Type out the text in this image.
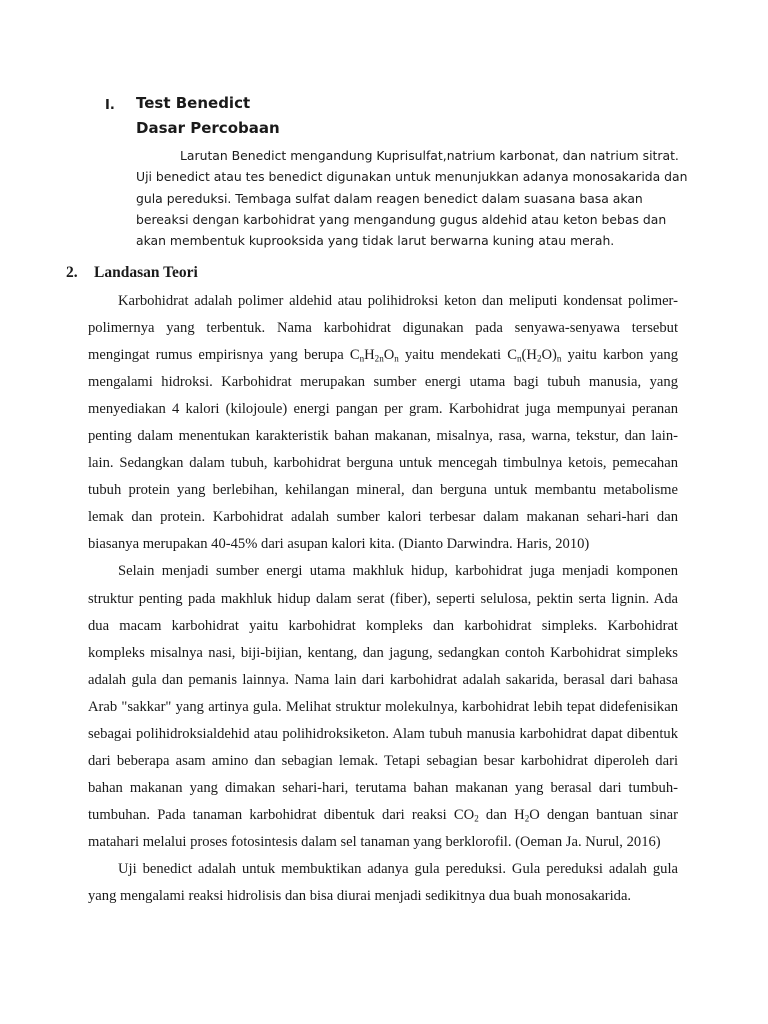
I. Test Benedict
Dasar Percobaan
Larutan Benedict mengandung Kuprisulfat,natrium karbonat, dan natrium sitrat.
Uji benedict atau tes benedict digunakan untuk menunjukkan adanya monosakarida dan
gula pereduksi. Tembaga sulfat dalam reagen benedict dalam suasana basa akan
bereaksi dengan karbohidrat yang mengandung gugus aldehid atau keton bebas dan
akan membentuk kuprooksida yang tidak larut berwarna kuning atau merah.
2. Landasan Teori

Karbohidrat adalah polimer aldehid atau polihidroksi keton dan meliputi kondensat polimer-polimernya yang terbentuk. Nama karbohidrat digunakan pada senyawa-senyawa tersebut mengingat rumus empirisnya yang berupa $C_nH_{2n}O_n$ yaitu mendekati $C_n(H_2O)_n$ yaitu karbon yang mengalami hidroksi. Karbohidrat merupakan sumber energi utama bagi tubuh manusia, yang menyediakan 4 kalori (kilojoule) energi pangan per gram. Karbohidrat juga mempunyai peranan penting dalam menentukan karakteristik bahan makanan, misalnya, rasa, warna, tekstur, dan lain-lain. Sedangkan dalam tubuh, karbohidrat berguna untuk mencegah timbulnya ketois, pemecahan tubuh protein yang berlebihan, kehilangan mineral, dan berguna untuk membantu metabolisme lemak dan protein. Karbohidrat adalah sumber kalori terbesar dalam makanan sehari-hari dan biasanya merupakan 40-45% dari asupan kalori kita. (Dianto Darwindra. Haris, 2010)

Selain menjadi sumber energi utama makhluk hidup, karbohidrat juga menjadi komponen struktur penting pada makhluk hidup dalam serat (fiber), seperti selulosa, pektin serta lignin. Ada dua macam karbohidrat yaitu karbohidrat kompleks dan karbohidrat simpleks. Karbohidrat kompleks misalnya nasi, biji-bijian, kentang, dan jagung, sedangkan contoh Karbohidrat simpleks adalah gula dan pemanis lainnya. Nama lain dari karbohidrat adalah sakarida, berasal dari bahasa Arab "sakkar" yang artinya gula. Melihat struktur molekulnya, karbohidrat lebih tepat didefenisikan sebagai polihidroksialdehid atau polihidroksiketon. Alam tubuh manusia karbohidrat dapat dibentuk dari beberapa asam amino dan sebagian lemak. Tetapi sebagian besar karbohidrat diperoleh dari bahan makanan yang dimakan sehari-hari, terutama bahan makanan yang berasal dari tumbuh-tumbuhan. Pada tanaman karbohidrat dibentuk dari reaksi $CO_2$ dan $H_2O$ dengan bantuan sinar matahari melalui proses fotosintesis dalam sel tanaman yang berklorofil. (Oeman Ja. Nurul, 2016)

Uji benedict adalah untuk membuktikan adanya gula pereduksi. Gula pereduksi adalah gula yang mengalami reaksi hidrolisis dan bisa diurai menjadi sedikitnya dua buah monosakarida.
